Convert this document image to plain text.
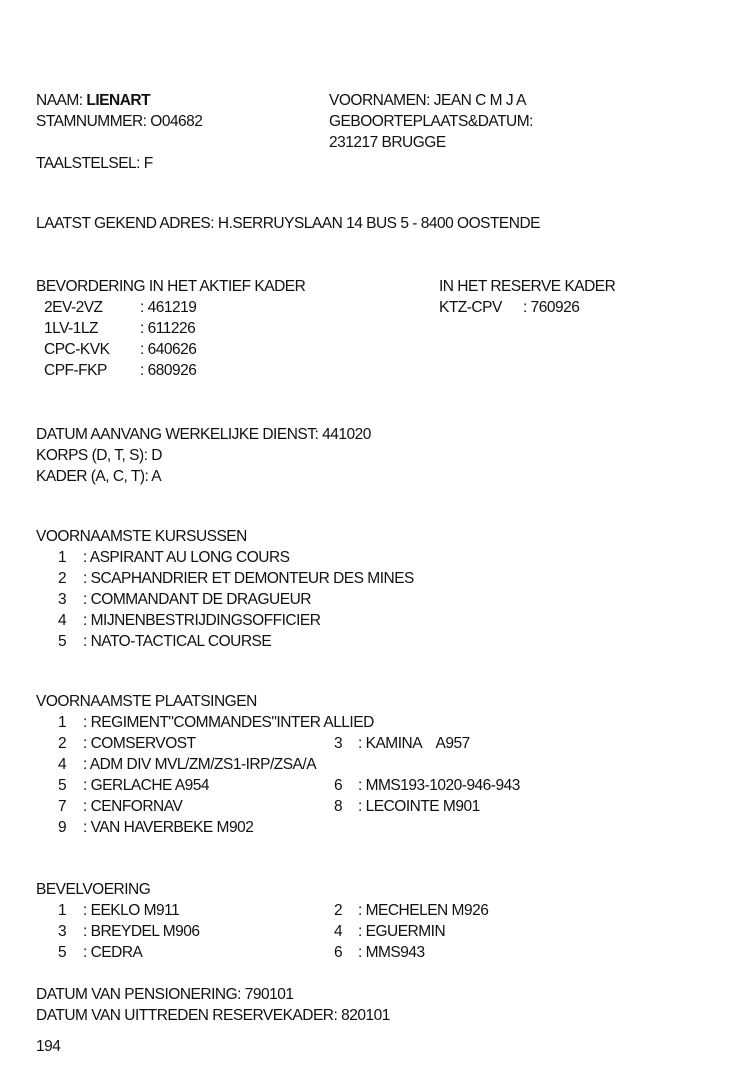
NAAM: LIENART
STAMNUMMER: O04682
VOORNAMEN: JEAN C M J A
GEBOORTEPLAATS&DATUM:
231217 BRUGGE
TAALSTELSEL: F
LAATST GEKEND ADRES: H.SERRUYSLAAN 14 BUS 5 - 8400 OOSTENDE
BEVORDERING IN HET AKTIEF KADER
2EV-2VZ : 461219
1LV-1LZ	: 611226
CPC-KVK : 640626
CPF-FKP : 680926
IN HET RESERVE KADER
KTZ-CPV : 760926
DATUM AANVANG WERKELIJKE DIENST: 441020
KORPS (D, T, S): D
KADER (A, C, T): A
VOORNAAMSTE KURSUSSEN
1 : ASPIRANT AU LONG COURS
2 : SCAPHANDRIER ET DEMONTEUR DES MINES
3 : COMMANDANT DE DRAGUEUR
4 : MIJNENBESTRIJDINGSOFFICIER
5 : NATO-TACTICAL COURSE
VOORNAAMSTE PLAATSINGEN
1 : REGIMENT"COMMANDES"INTER ALLIED
2 : COMSERVOST	3 : KAMINA    A957
4 : ADM DIV MVL/ZM/ZS1-IRP/ZSA/A
5 : GERLACHE A954	6 : MMS193-1020-946-943
7 : CENFORNAV	8 : LECOINTE M901
9 : VAN HAVERBEKE M902
BEVELVOERING
1 : EEKLO M911	2 : MECHELEN M926
3 : BREYDEL M906	4 : EGUERMIN
5 : CEDRA	6 : MMS943
DATUM VAN PENSIONERING: 790101
DATUM VAN UITTREDEN RESERVEKADER: 820101
194
